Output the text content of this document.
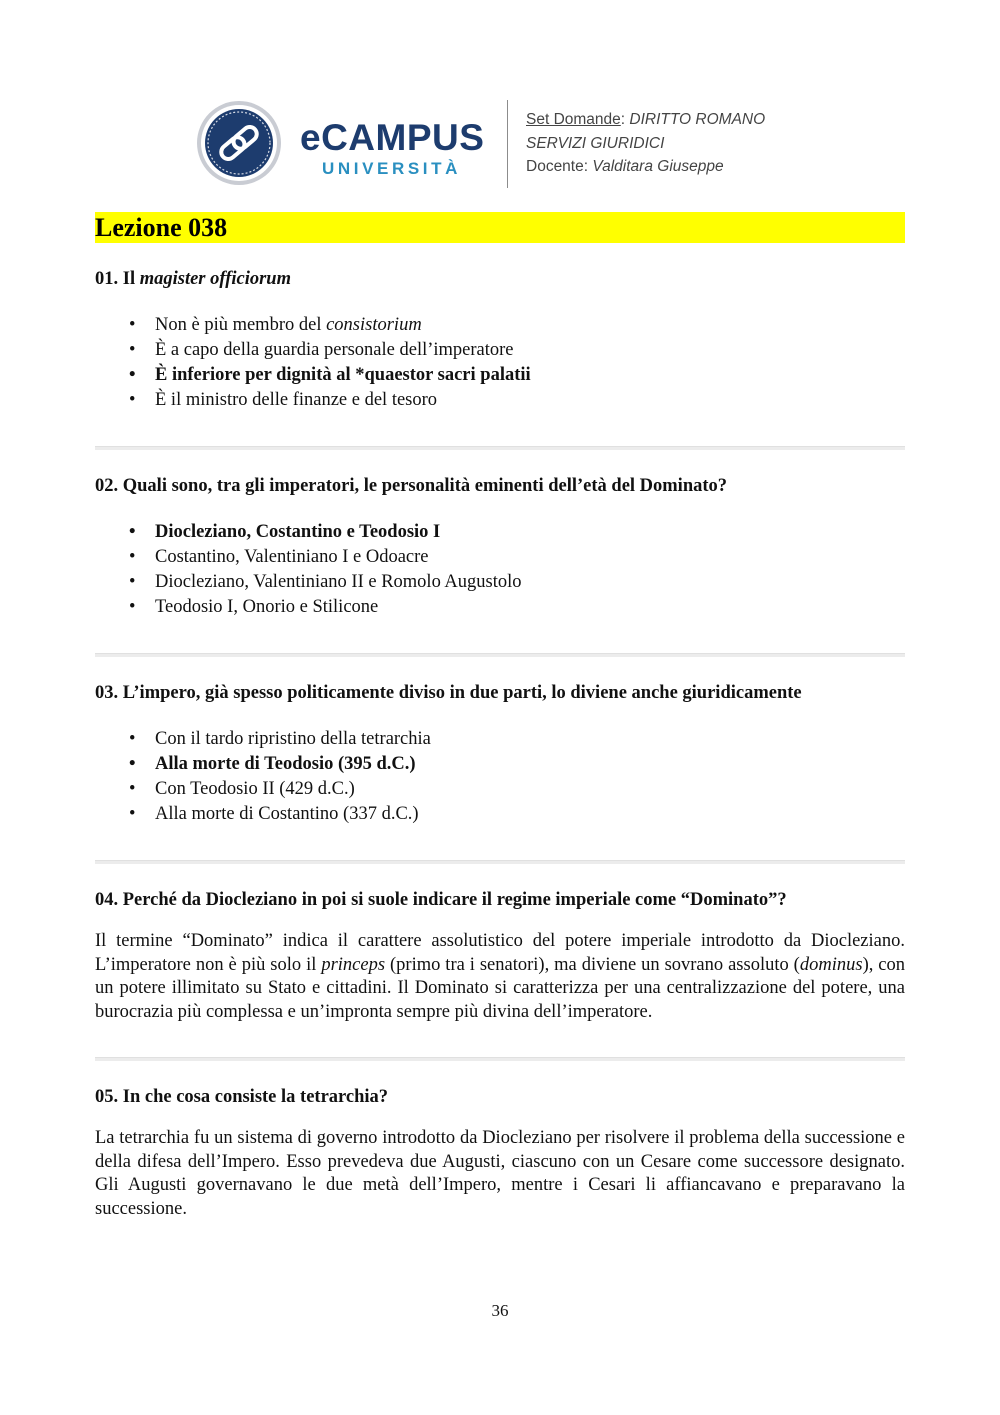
eCAMPUS
UNIVERSITÀ
Set Domande: DIRITTO ROMANO
SERVIZI GIURIDICI
Docente: Valditara Giuseppe
Lezione 038

01. Il magister officiorum

• Non è più membro del consistorium
• È a capo della guardia personale dell’imperatore
• È inferiore per dignità al *quaestor sacri palatii
• È il ministro delle finanze e del tesoro

02. Quali sono, tra gli imperatori, le personalità eminenti dell’età del Dominato?

• Diocleziano, Costantino e Teodosio I
• Costantino, Valentiniano I e Odoacre
• Diocleziano, Valentiniano II e Romolo Augustolo
• Teodosio I, Onorio e Stilicone

03. L’impero, già spesso politicamente diviso in due parti, lo diviene anche giuridicamente

• Con il tardo ripristino della tetrarchia
• Alla morte di Teodosio (395 d.C.)
• Con Teodosio II (429 d.C.)
• Alla morte di Costantino (337 d.C.)

04. Perché da Diocleziano in poi si suole indicare il regime imperiale come “Dominato”?

Il termine “Dominato” indica il carattere assolutistico del potere imperiale introdotto da Diocleziano. L’imperatore non è più solo il princeps (primo tra i senatori), ma diviene un sovrano assoluto (dominus), con un potere illimitato su Stato e cittadini. Il Dominato si caratterizza per una centralizzazione del potere, una burocrazia più complessa e un’impronta sempre più divina dell’imperatore.

05. In che cosa consiste la tetrarchia?

La tetrarchia fu un sistema di governo introdotto da Diocleziano per risolvere il problema della successione e della difesa dell’Impero. Esso prevedeva due Augusti, ciascuno con un Cesare come successore designato. Gli Augusti governavano le due metà dell’Impero, mentre i Cesari li affiancavano e preparavano la successione.

36
